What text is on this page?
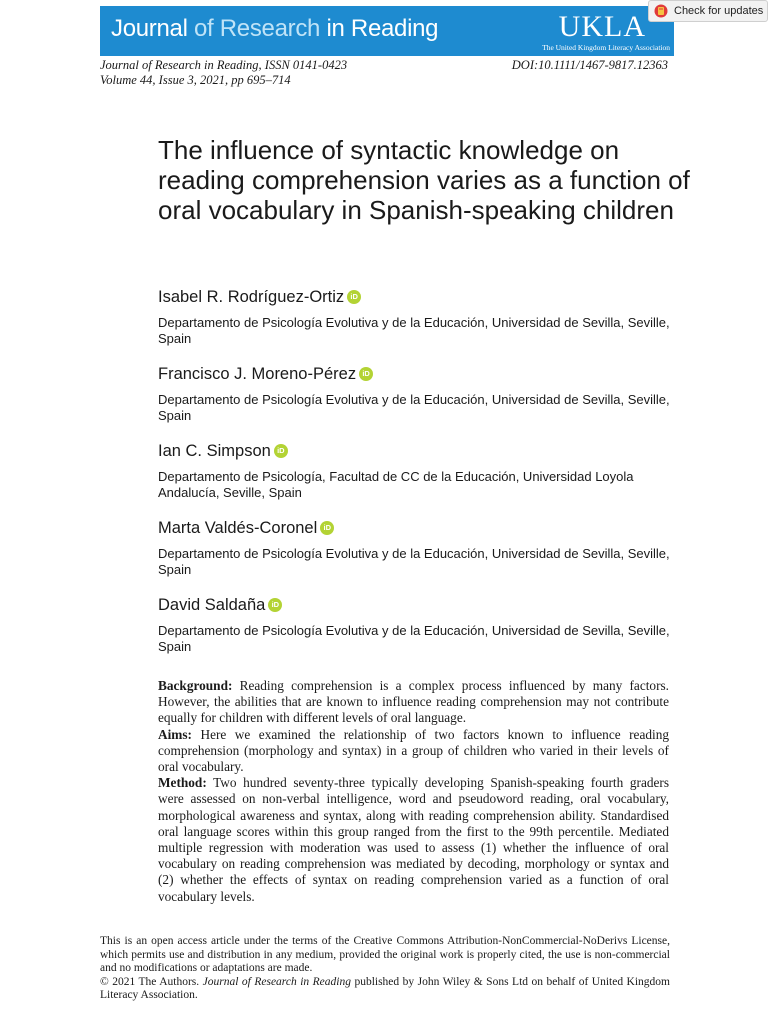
Journal of Research in Reading	UKLA
The United Kingdom Literacy Association
Check for updates
Journal of Research in Reading, ISSN 0141-0423
Volume 44, Issue 3, 2021, pp 695–714
DOI:10.1111/1467-9817.12363
The influence of syntactic knowledge on reading comprehension varies as a function of oral vocabulary in Spanish-speaking children
Isabel R. Rodríguez-Ortiz iD
Departamento de Psicología Evolutiva y de la Educación, Universidad de Sevilla, Seville, Spain
Francisco J. Moreno-Pérez iD
Departamento de Psicología Evolutiva y de la Educación, Universidad de Sevilla, Seville, Spain
Ian C. Simpson iD
Departamento de Psicología, Facultad de CC de la Educación, Universidad Loyola Andalucía, Seville, Spain
Marta Valdés-Coronel iD
Departamento de Psicología Evolutiva y de la Educación, Universidad de Sevilla, Seville, Spain
David Saldaña iD
Departamento de Psicología Evolutiva y de la Educación, Universidad de Sevilla, Seville, Spain

Background: Reading comprehension is a complex process influenced by many factors. However, the abilities that are known to influence reading comprehension may not contribute equally for children with different levels of oral language.

Aims: Here we examined the relationship of two factors known to influence reading comprehension (morphology and syntax) in a group of children who varied in their levels of oral vocabulary.

Method: Two hundred seventy-three typically developing Spanish-speaking fourth graders were assessed on non-verbal intelligence, word and pseudoword reading, oral vocabulary, morphological awareness and syntax, along with reading comprehension ability. Standardised oral language scores within this group ranged from the first to the 99th percentile. Mediated multiple regression with moderation was used to assess (1) whether the influence of oral vocabulary on reading comprehension was mediated by decoding, morphology or syntax and (2) whether the effects of syntax on reading comprehension varied as a function of oral vocabulary levels.

This is an open access article under the terms of the Creative Commons Attribution-NonCommercial-NoDerivs License, which permits use and distribution in any medium, provided the original work is properly cited, the use is non-commercial and no modifications or adaptations are made.

© 2021 The Authors. Journal of Research in Reading published by John Wiley & Sons Ltd on behalf of United Kingdom Literacy Association.
